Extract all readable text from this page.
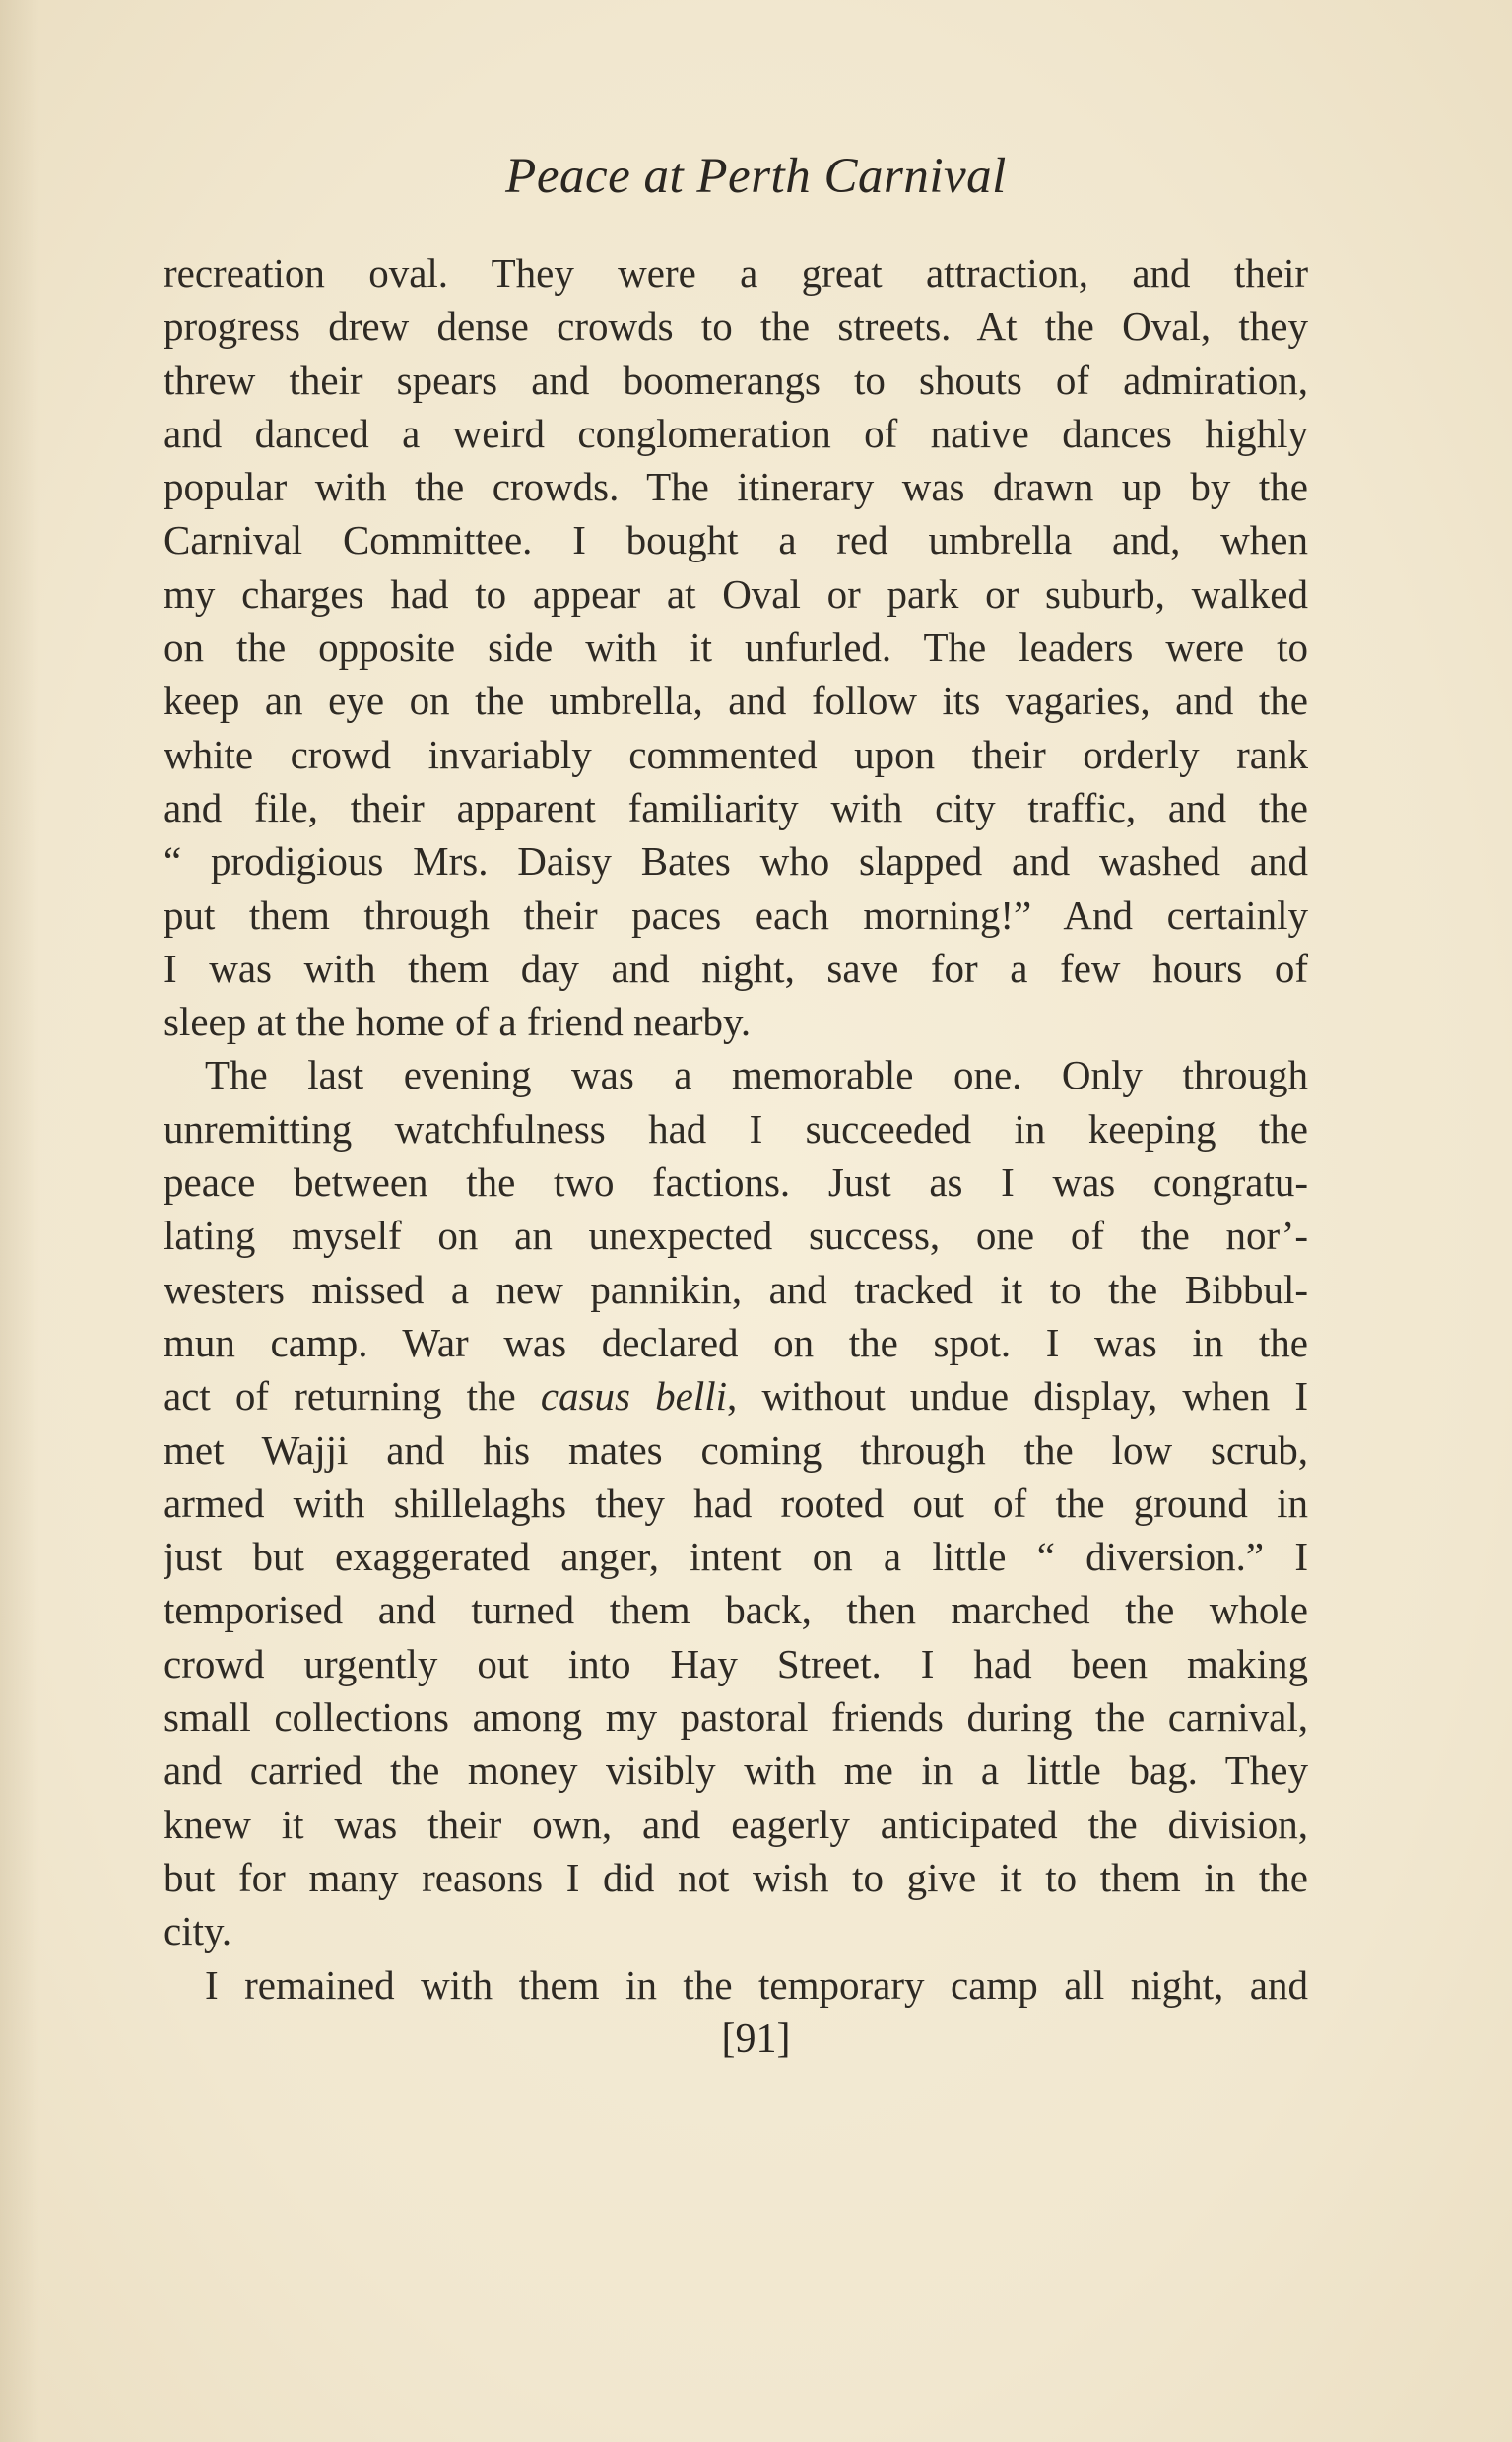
Peace at Perth Carnival
recreation oval. They were a great attraction, and their
progress drew dense crowds to the streets. At the Oval, they
threw their spears and boomerangs to shouts of admiration,
and danced a weird conglomeration of native dances highly
popular with the crowds. The itinerary was drawn up by the
Carnival Committee. I bought a red umbrella and, when
my charges had to appear at Oval or park or suburb, walked
on the opposite side with it unfurled. The leaders were to
keep an eye on the umbrella, and follow its vagaries, and the
white crowd invariably commented upon their orderly rank
and file, their apparent familiarity with city traffic, and the
“ prodigious Mrs. Daisy Bates who slapped and washed and
put them through their paces each morning!” And certainly
I was with them day and night, save for a few hours of
sleep at the home of a friend nearby.
The last evening was a memorable one. Only through
unremitting watchfulness had I succeeded in keeping the
peace between the two factions. Just as I was congratu-
lating myself on an unexpected success, one of the nor’-
westers missed a new pannikin, and tracked it to the Bibbul-
mun camp. War was declared on the spot. I was in the
act of returning the casus belli, without undue display, when I
met Wajji and his mates coming through the low scrub,
armed with shillelaghs they had rooted out of the ground in
just but exaggerated anger, intent on a little “ diversion.” I
temporised and turned them back, then marched the whole
crowd urgently out into Hay Street. I had been making
small collections among my pastoral friends during the carnival,
and carried the money visibly with me in a little bag. They
knew it was their own, and eagerly anticipated the division,
but for many reasons I did not wish to give it to them in the
city.
I remained with them in the temporary camp all night, and
[91]
